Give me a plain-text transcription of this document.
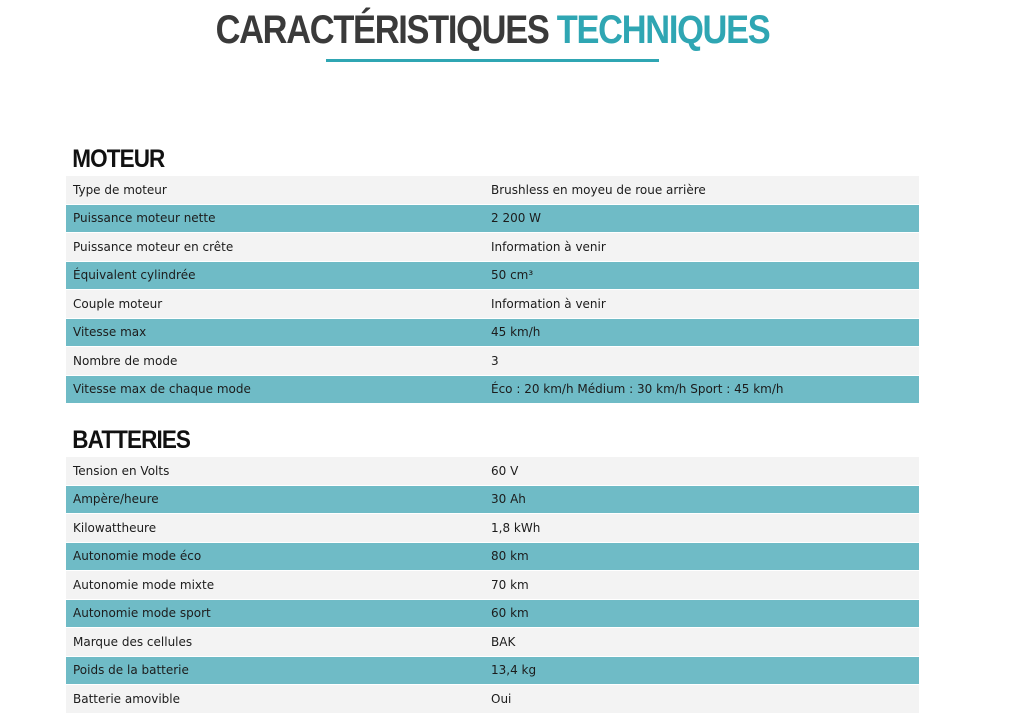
CARACTÉRISTIQUES TECHNIQUES
MOTEUR
Type de moteur	Brushless en moyeu de roue arrière
Puissance moteur nette	2 200 W
Puissance moteur en crête	Information à venir
Équivalent cylindrée	50 cm³
Couple moteur	Information à venir
Vitesse max	45 km/h
Nombre de mode	3
Vitesse max de chaque mode	Éco : 20 km/h Médium : 30 km/h Sport : 45 km/h
BATTERIES
Tension en Volts	60 V
Ampère/heure	30 Ah
Kilowattheure	1,8 kWh
Autonomie mode éco	80 km
Autonomie mode mixte	70 km
Autonomie mode sport	60 km
Marque des cellules	BAK
Poids de la batterie	13,4 kg
Batterie amovible	Oui
